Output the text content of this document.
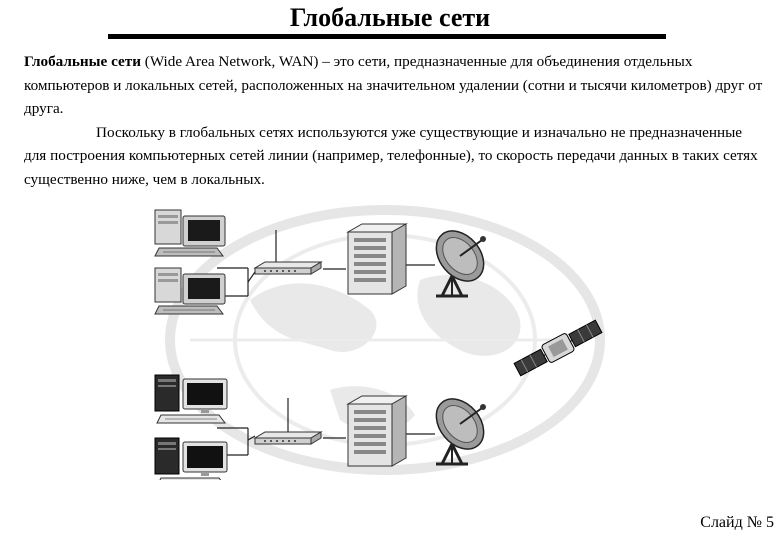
Глобальные сети

Глобальные сети (Wide Area Network, WAN) – это сети, предназначенные для объединения отдельных компьютеров и локальных сетей, расположенных на значительном удалении (сотни и тысячи километров) друг от друга.

Поскольку в глобальных сетях используются уже существующие и изначально не предназначенные для построения компьютерных сетей линии (например, телефонные), то скорость передачи данных в таких сетях существенно ниже, чем в локальных.

Слайд № 5
